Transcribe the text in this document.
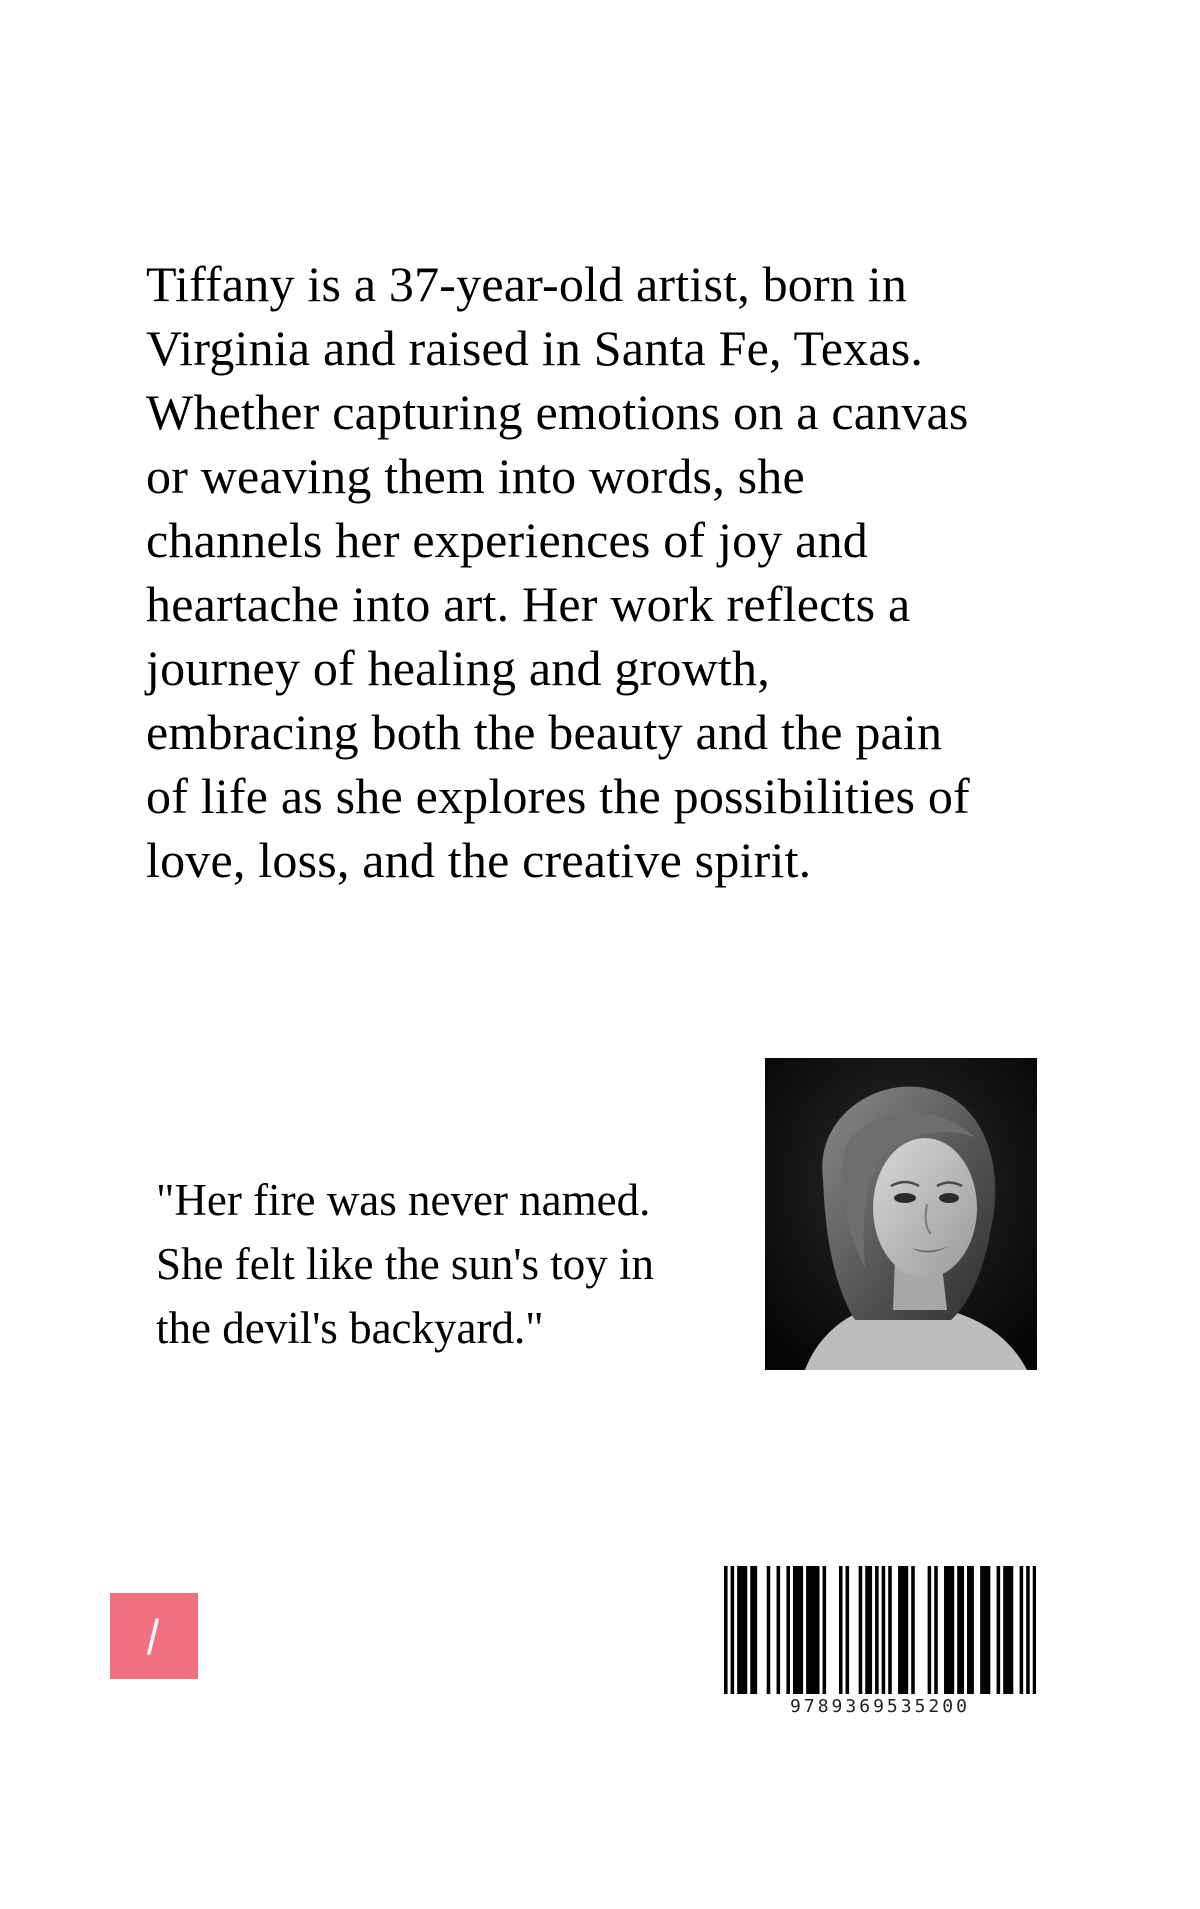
Tiffany is a 37-year-old artist, born in
Virginia and raised in Santa Fe, Texas.
Whether capturing emotions on a canvas
or weaving them into words, she
channels her experiences of joy and
heartache into art. Her work reflects a
journey of healing and growth,
embracing both the beauty and the pain
of life as she explores the possibilities of
love, loss, and the creative spirit.
"Her fire was never named.
She felt like the sun's toy in
the devil's backyard."
9789369535200
